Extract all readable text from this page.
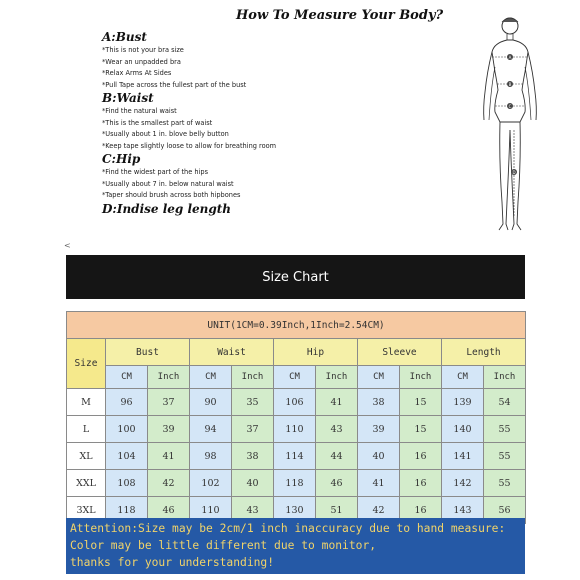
How To Measure Your Body?
A:Bust
*This is not your bra size
*Wear an unpadded bra
*Relax Arms At Sides
*Pull Tape across the fullest part of the bust
B:Waist
*Find the natural waist
*This is the smallest part of waist
*Usually about 1 in. blove belly button
*Keep tape slightly loose to allow for breathing room
C:Hip
*Find the widest part of the hips
*Usually about 7 in. below natural waist
*Taper should brush across both hipbones
D:Indise leg length
A
B
C
D
<
Size Chart
UNIT(1CM=0.39Inch,1Inch=2.54CM)										
Size	Bust		Waist		Hip		Sleeve		Length	
	CM	Inch	CM	Inch	CM	Inch	CM	Inch	CM	Inch
M	96	37	90	35	106	41	38	15	139	54
L	100	39	94	37	110	43	39	15	140	55
XL	104	41	98	38	114	44	40	16	141	55
XXL	108	42	102	40	118	46	41	16	142	55
3XL	118	46	110	43	130	51	42	16	143	56
Attention:Size may be 2cm/1 inch inaccuracy due to hand measure:
Color may be little different due to monitor,
thanks for your understanding!
